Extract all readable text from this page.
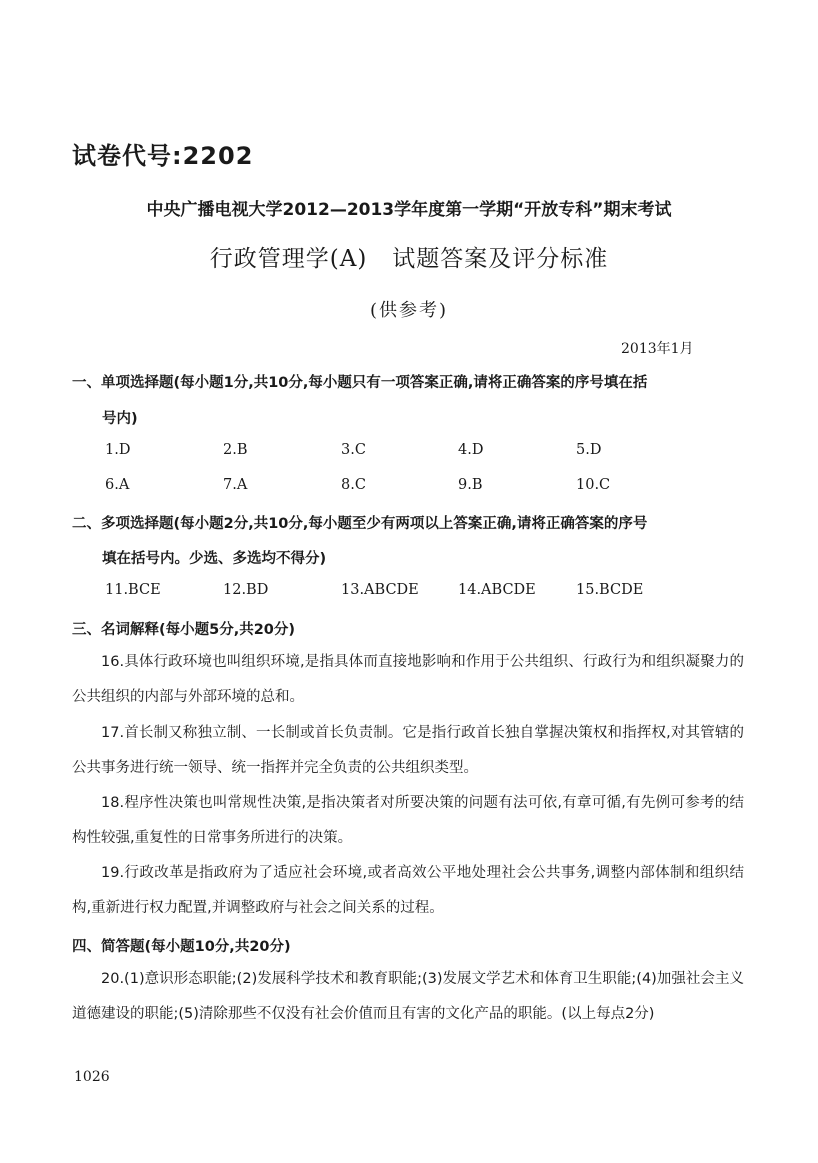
试卷代号:2202
中央广播电视大学2012—2013学年度第一学期“开放专科”期末考试
行政管理学(A)   试题答案及评分标准
(供参考)
2013年1月
一、单项选择题(每小题1分,共10分,每小题只有一项答案正确,请将正确答案的序号填在括
号内)
1.D	2.B	3.C	4.D	5.D
6.A	7.A	8.C	9.B	10.C
二、多项选择题(每小题2分,共10分,每小题至少有两项以上答案正确,请将正确答案的序号
填在括号内。少选、多选均不得分)
11.BCE	12.BD	13.ABCDE	14.ABCDE	15.BCDE
三、名词解释(每小题5分,共20分)
16.具体行政环境也叫组织环境,是指具体而直接地影响和作用于公共组织、行政行为和组织凝聚力的公共组织的内部与外部环境的总和。
17.首长制又称独立制、一长制或首长负责制。它是指行政首长独自掌握决策权和指挥权,对其管辖的公共事务进行统一领导、统一指挥并完全负责的公共组织类型。
18.程序性决策也叫常规性决策,是指决策者对所要决策的问题有法可依,有章可循,有先例可参考的结构性较强,重复性的日常事务所进行的决策。
19.行政改革是指政府为了适应社会环境,或者高效公平地处理社会公共事务,调整内部体制和组织结构,重新进行权力配置,并调整政府与社会之间关系的过程。
四、简答题(每小题10分,共20分)
20.(1)意识形态职能;(2)发展科学技术和教育职能;(3)发展文学艺术和体育卫生职能;(4)加强社会主义道德建设的职能;(5)清除那些不仅没有社会价值而且有害的文化产品的职能。(以上每点2分)
1026
